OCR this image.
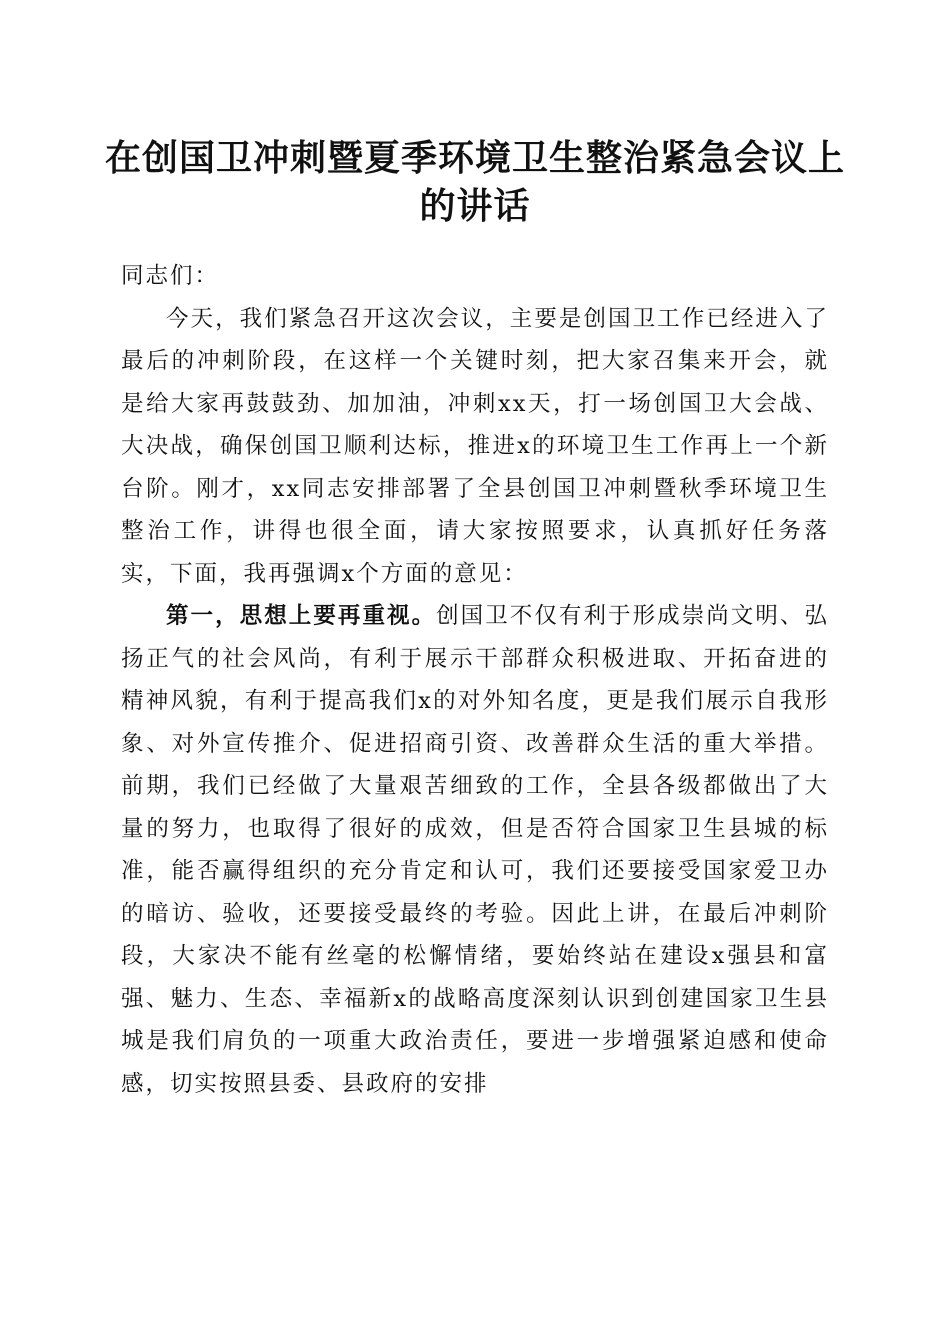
在创国卫冲刺暨夏季环境卫生整治紧急会议上的讲话

同志们：

今天，我们紧急召开这次会议，主要是创国卫工作已经进入了最后的冲刺阶段，在这样一个关键时刻，把大家召集来开会，就是给大家再鼓鼓劲、加加油，冲刺xx天，打一场创国卫大会战、大决战，确保创国卫顺利达标，推进x的环境卫生工作再上一个新台阶。刚才，xx同志安排部署了全县创国卫冲刺暨秋季环境卫生整治工作，讲得也很全面，请大家按照要求，认真抓好任务落实，下面，我再强调x个方面的意见：

第一，思想上要再重视。创国卫不仅有利于形成崇尚文明、弘扬正气的社会风尚，有利于展示干部群众积极进取、开拓奋进的精神风貌，有利于提高我们x的对外知名度，更是我们展示自我形象、对外宣传推介、促进招商引资、改善群众生活的重大举措。前期，我们已经做了大量艰苦细致的工作，全县各级都做出了大量的努力，也取得了很好的成效，但是否符合国家卫生县城的标准，能否赢得组织的充分肯定和认可，我们还要接受国家爱卫办的暗访、验收，还要接受最终的考验。因此上讲，在最后冲刺阶段，大家决不能有丝毫的松懈情绪，要始终站在建设x强县和富强、魅力、生态、幸福新x的战略高度深刻认识到创建国家卫生县城是我们肩负的一项重大政治责任，要进一步增强紧迫感和使命感，切实按照县委、县政府的安排
